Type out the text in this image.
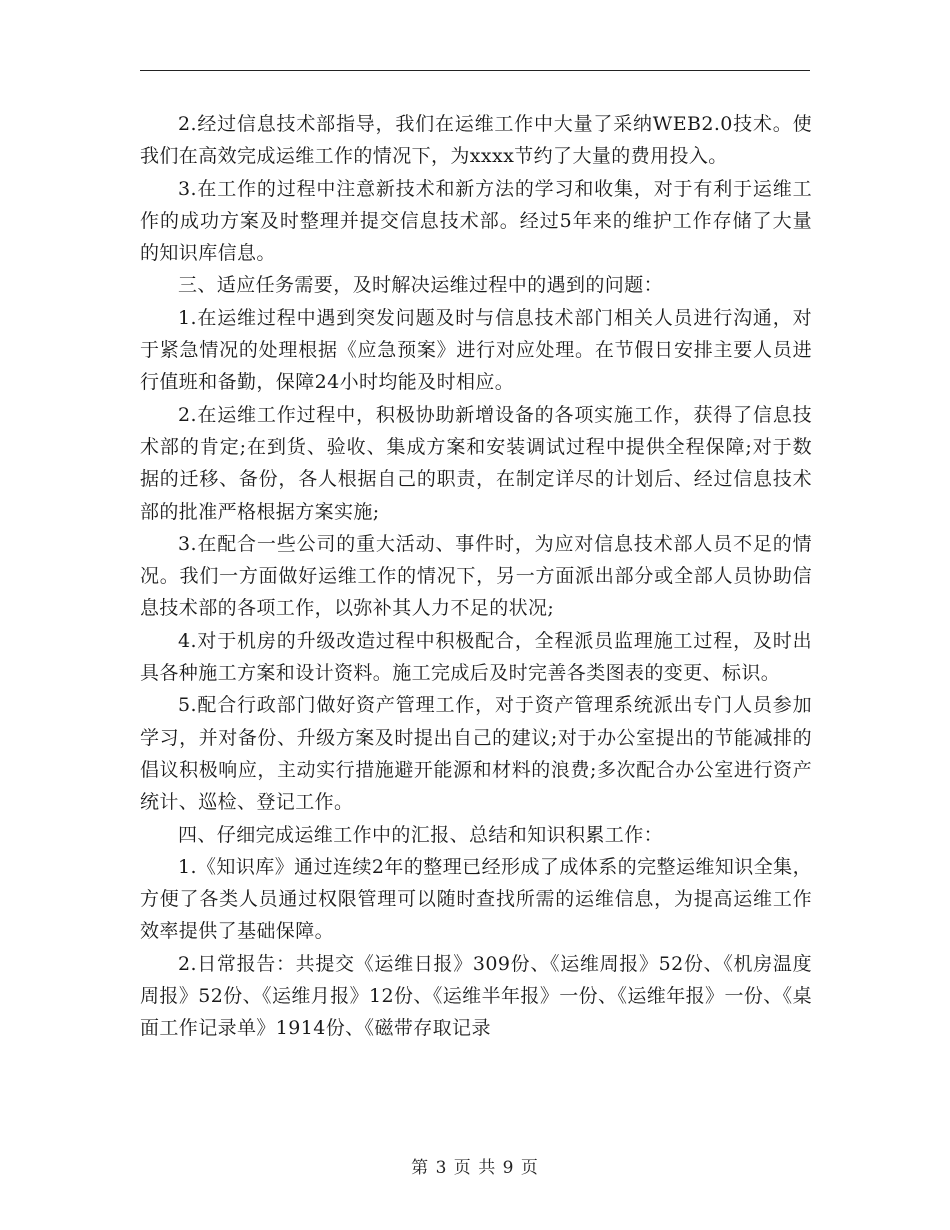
2.经过信息技术部指导，我们在运维工作中大量了采纳WEB2.0技术。使我们在高效完成运维工作的情况下，为xxxx节约了大量的费用投入。

3.在工作的过程中注意新技术和新方法的学习和收集，对于有利于运维工作的成功方案及时整理并提交信息技术部。经过5年来的维护工作存储了大量的知识库信息。

三、适应任务需要，及时解决运维过程中的遇到的问题：

1.在运维过程中遇到突发问题及时与信息技术部门相关人员进行沟通，对于紧急情况的处理根据《应急预案》进行对应处理。在节假日安排主要人员进行值班和备勤，保障24小时均能及时相应。

2.在运维工作过程中，积极协助新增设备的各项实施工作，获得了信息技术部的肯定;在到货、验收、集成方案和安装调试过程中提供全程保障;对于数据的迁移、备份，各人根据自己的职责，在制定详尽的计划后、经过信息技术部的批准严格根据方案实施;

3.在配合一些公司的重大活动、事件时，为应对信息技术部人员不足的情况。我们一方面做好运维工作的情况下，另一方面派出部分或全部人员协助信息技术部的各项工作，以弥补其人力不足的状况;

4.对于机房的升级改造过程中积极配合，全程派员监理施工过程，及时出具各种施工方案和设计资料。施工完成后及时完善各类图表的变更、标识。

5.配合行政部门做好资产管理工作，对于资产管理系统派出专门人员参加学习，并对备份、升级方案及时提出自己的建议;对于办公室提出的节能减排的倡议积极响应，主动实行措施避开能源和材料的浪费;多次配合办公室进行资产统计、巡检、登记工作。

四、仔细完成运维工作中的汇报、总结和知识积累工作：

1.《知识库》通过连续2年的整理已经形成了成体系的完整运维知识全集，方便了各类人员通过权限管理可以随时查找所需的运维信息，为提高运维工作效率提供了基础保障。

2.日常报告：共提交《运维日报》309份、《运维周报》52份、《机房温度周报》52份、《运维月报》12份、《运维半年报》一份、《运维年报》一份、《桌面工作记录单》1914份、《磁带存取记录

第 3 页 共 9 页
